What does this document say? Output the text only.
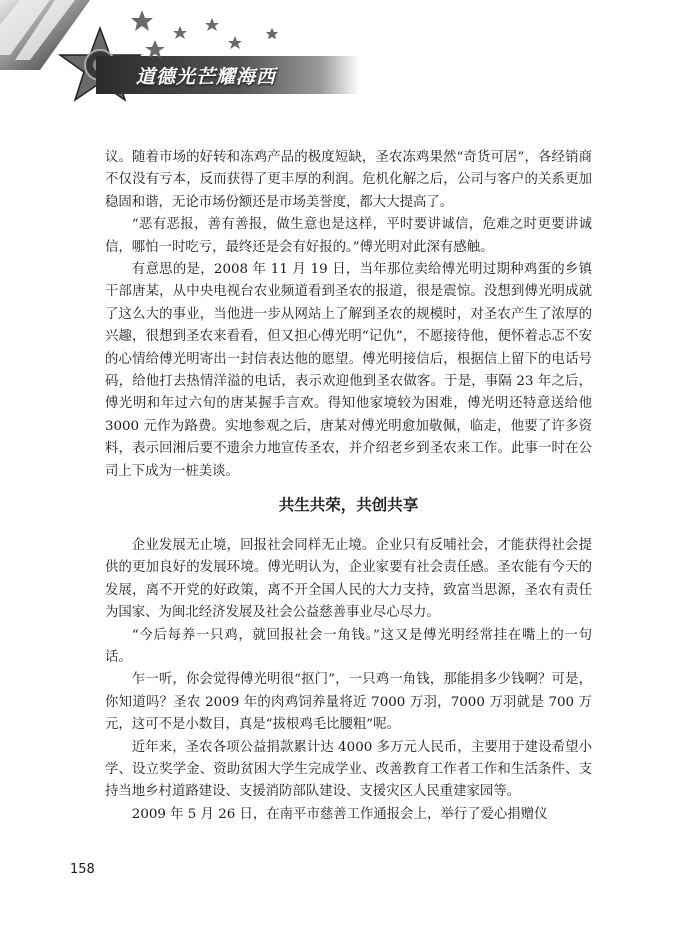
道德光芒耀海西

议。随着市场的好转和冻鸡产品的极度短缺，圣农冻鸡果然“奇货可居”，各经销商不仅没有亏本，反而获得了更丰厚的利润。危机化解之后，公司与客户的关系更加稳固和谐，无论市场份额还是市场美誉度，都大大提高了。

“恶有恶报，善有善报，做生意也是这样，平时要讲诚信，危难之时更要讲诚信，哪怕一时吃亏，最终还是会有好报的。”傅光明对此深有感触。

有意思的是，2008 年 11 月 19 日，当年那位卖给傅光明过期种鸡蛋的乡镇干部唐某，从中央电视台农业频道看到圣农的报道，很是震惊。没想到傅光明成就了这么大的事业，当他进一步从网站上了解到圣农的规模时，对圣农产生了浓厚的兴趣，很想到圣农来看看，但又担心傅光明“记仇”，不愿接待他，便怀着忐忑不安的心情给傅光明寄出一封信表达他的愿望。傅光明接信后，根据信上留下的电话号码，给他打去热情洋溢的电话，表示欢迎他到圣农做客。于是，事隔 23 年之后，傅光明和年过六旬的唐某握手言欢。得知他家境较为困难，傅光明还特意送给他 3000 元作为路费。实地参观之后，唐某对傅光明愈加敬佩，临走，他要了许多资料，表示回湘后要不遗余力地宣传圣农，并介绍老乡到圣农来工作。此事一时在公司上下成为一桩美谈。

共生共荣，共创共享

企业发展无止境，回报社会同样无止境。企业只有反哺社会，才能获得社会提供的更加良好的发展环境。傅光明认为，企业家要有社会责任感。圣农能有今天的发展，离不开党的好政策，离不开全国人民的大力支持，致富当思源，圣农有责任为国家、为闽北经济发展及社会公益慈善事业尽心尽力。

“今后每养一只鸡，就回报社会一角钱。”这又是傅光明经常挂在嘴上的一句话。

乍一听，你会觉得傅光明很“抠门”，一只鸡一角钱，那能捐多少钱啊？可是，你知道吗？圣农 2009 年的肉鸡饲养量将近 7000 万羽，7000 万羽就是 700 万元，这可不是小数目，真是“拔根鸡毛比腰粗”呢。

近年来，圣农各项公益捐款累计达 4000 多万元人民币，主要用于建设希望小学、设立奖学金、资助贫困大学生完成学业、改善教育工作者工作和生活条件、支持当地乡村道路建设、支援消防部队建设、支援灾区人民重建家园等。

2009 年 5 月 26 日，在南平市慈善工作通报会上，举行了爱心捐赠仪

158
